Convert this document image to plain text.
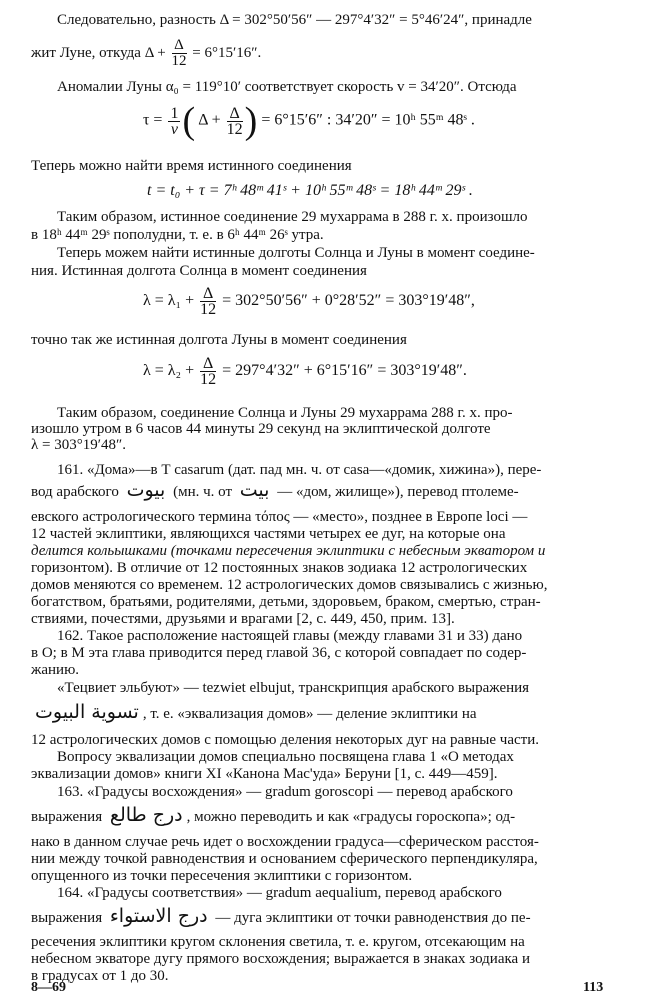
Следовательно, разность Δ = 302°50′56″ — 297°4′32″ = 5°46′24″, принадле
жит Луне, откуда $\Delta + \frac{\Delta}{12} = 6^\circ 15'16''$.
Аномалии Луны α₀ = 119°10′ соответствует скорость v = 34′20″. Отсюда
$\tau = \frac{1}{v}$ ( $\Delta + \frac{\Delta}{12}$ ) = 6°15′6″ : 34′20″ = 10ʰ 55ᵐ 48ˢ .
Теперь можно найти время истинного соединения
t = t₀ + τ = 7ʰ 48ᵐ 41ˢ + 10ʰ 55ᵐ 48ˢ = 18ʰ 44ᵐ 29ˢ .
Таким образом, истинное соединение 29 мухаррама в 288 г. х. произошло
в 18ʰ 44ᵐ 29ˢ пополудни, т. е. в 6ʰ 44ᵐ 26ˢ утра.
Теперь можем найти истинные долготы Солнца и Луны в момент соедине-
ния. Истинная долгота Солнца в момент соединения
$\lambda = \lambda_1 + \frac{\Delta}{12} = 302^\circ 50'56'' + 0^\circ 28'52'' = 303^\circ 19'48''$,
точно так же истинная долгота Луны в момент соединения
$\lambda = \lambda_2 + \frac{\Delta}{12} = 297^\circ 4'32'' + 6^\circ 15'16'' = 303^\circ 19'48''$.
Таким образом, соединение Солнца и Луны 29 мухаррама 288 г. х. про-
изошло утром в 6 часов 44 минуты 29 секунд на эклиптической долготе
λ = 303°19′48″.
161. «Дома»—в Т casarum (дат. пад мн. ч. от casa—«домик, хижина»), пере-
вод арабского بيوت (мн. ч. от بيت — «дом, жилище»), перевод птолеме-
евского астрологического термина τόπος — «место», позднее в Европе loci —
12 частей эклиптики, являющихся частями четырех ее дуг, на которые она
делится кольышками (точками пересечения эклиптики с небесным экватором и
горизонтом). В отличие от 12 постоянных знаков зодиака 12 астрологических
домов меняются со временем. 12 астрологических домов связывались с жизнью,
богатством, братьями, родителями, детьми, здоровьем, браком, смертью, стран-
ствиями, почестями, друзьями и врагами [2, с. 449, 450, прим. 13].
162. Такое расположение настоящей главы (между главами 31 и 33) дано
в О; в М эта глава приводится перед главой 36, с которой совпадает по содер-
жанию.
«Тецвиет эльбуют» — tezwiet elbujut, транскрипция арабского выражения
تسوية البيوت , т. е. «эквализация домов» — деление эклиптики на
12 астрологических домов с помощью деления некоторых дуг на равные части.
Вопросу эквализации домов специально посвящена глава 1 «О методах
эквализации домов» книги XI «Канона Мас'уда» Беруни [1, с. 449—459].
163. «Градусы восхождения» — gradum goroscopi — перевод арабского
выражения درج طالع , можно переводить и как «градусы гороскопа»; од-
нако в данном случае речь идет о восхождении градуса—сферическом расстоя-
нии между точкой равноденствия и основанием сферического перпендикуляра,
опущенного из точки пересечения эклиптики с горизонтом.
164. «Градусы соответствия» — gradum aequalium, перевод арабского
выражения درج الاستواء — дуга эклиптики от точки равноденствия до пе-
ресечения эклиптики кругом склонения светила, т. е. кругом, отсекающим на
небесном экваторе дугу прямого восхождения; выражается в знаках зодиака и
в градусах от 1 до 30.
8—69	113
